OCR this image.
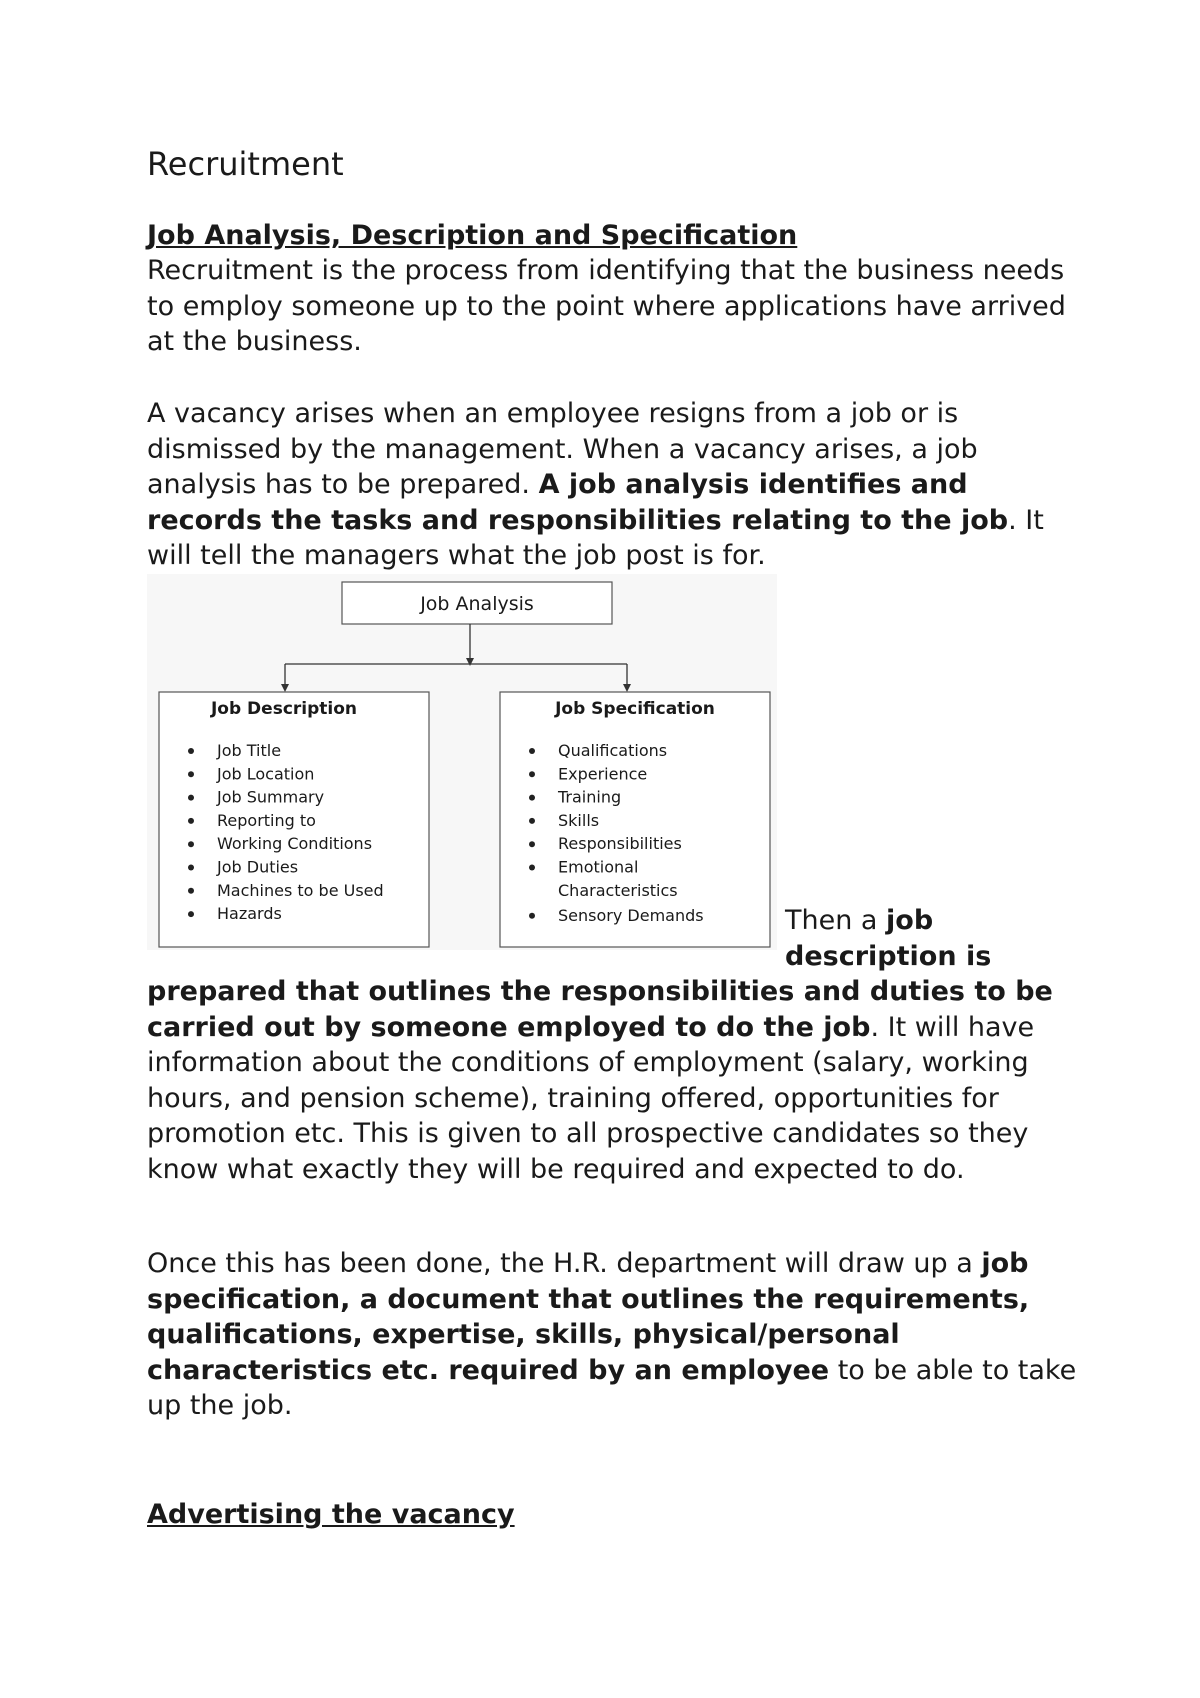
Recruitment
Job Analysis, Description and Specification

Recruitment is the process from identifying that the business needs to employ someone up to the point where applications have arrived at the business.

A vacancy arises when an employee resigns from a job or is dismissed by the management. When a vacancy arises, a job analysis has to be prepared. A job analysis identifies and records the tasks and responsibilities relating to the job. It will tell the managers what the job post is for.

Job Analysis
Job Description
Job Title
Job Location
Job Summary
Reporting to
Working Conditions
Job Duties
Machines to be Used
Hazards
Job Specification
Qualifications
Experience
Training
Skills
Responsibilities
Emotional
Characteristics
Sensory Demands	Then a job description is prepared that outlines the responsibilities and duties to be carried out by someone employed to do the job. It will have information about the conditions of employment (salary, working hours, and pension scheme), training offered, opportunities for promotion etc. This is given to all prospective candidates so they know what exactly they will be required and expected to do.

Once this has been done, the H.R. department will draw up a job specification, a document that outlines the requirements, qualifications, expertise, skills, physical/personal characteristics etc. required by an employee to be able to take up the job.

Advertising the vacancy
